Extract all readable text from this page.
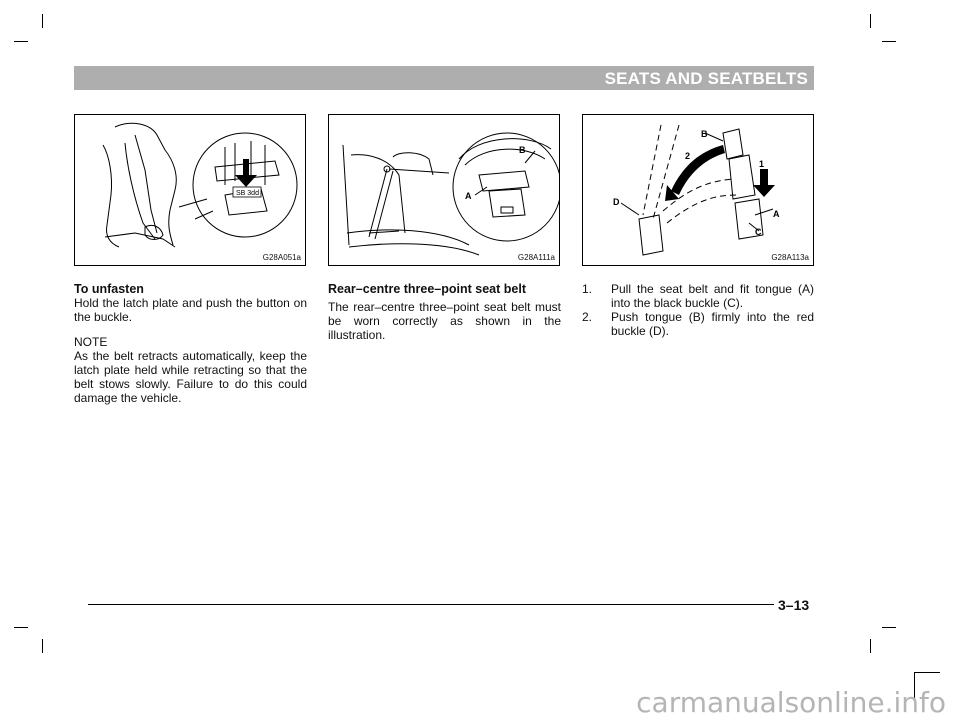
SEATS AND SEATBELTS
SB 3dd
G28A051a
B
A
G28A111a
B
2
1
D
A
C
G28A113a
To unfasten
Hold the latch plate and push the button on the buckle.
NOTE
As the belt retracts automatically, keep the latch plate held while retracting so that the belt stows slowly. Failure to do this could damage the vehicle.
Rear–centre three–point seat belt
The rear–centre three–point seat belt must be worn correctly as shown in the illustration.
1. Pull the seat belt and fit tongue (A) into the black buckle (C).
2. Push tongue (B) firmly into the red buckle (D).
3–13
carmanualsonline.info
